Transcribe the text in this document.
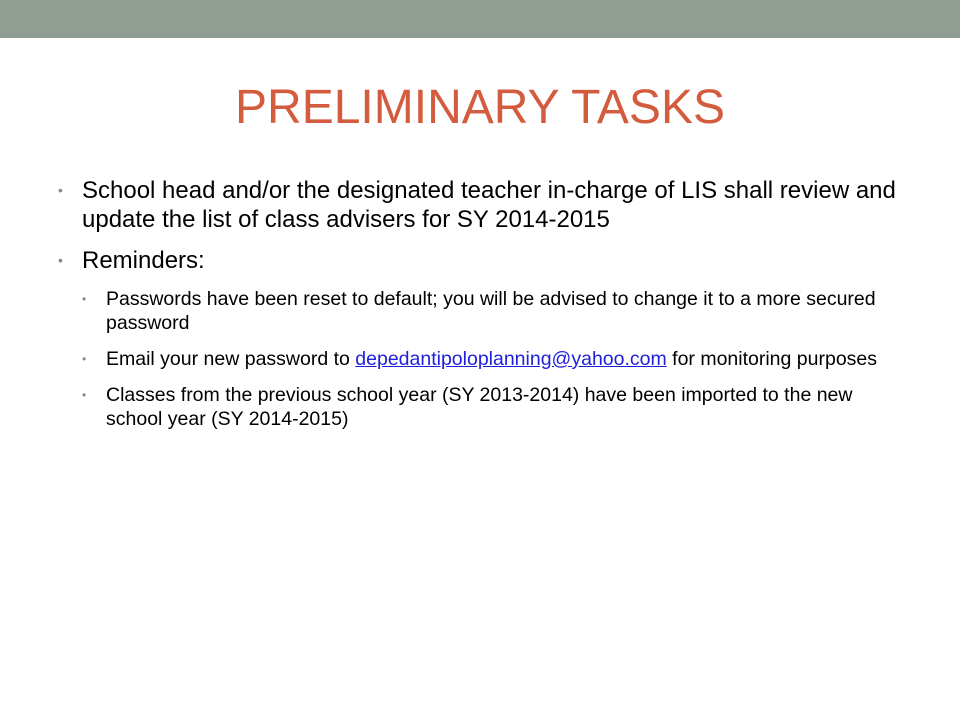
PRELIMINARY TASKS
• School head and/or the designated teacher in-charge of LIS shall review and update the list of class advisers for SY 2014-2015
• Reminders:
• Passwords have been reset to default; you will be advised to change it to a more secured password
• Email your new password to depedantipoloplanning@yahoo.com for monitoring purposes
• Classes from the previous school year (SY 2013-2014) have been imported to the new school year (SY 2014-2015)
